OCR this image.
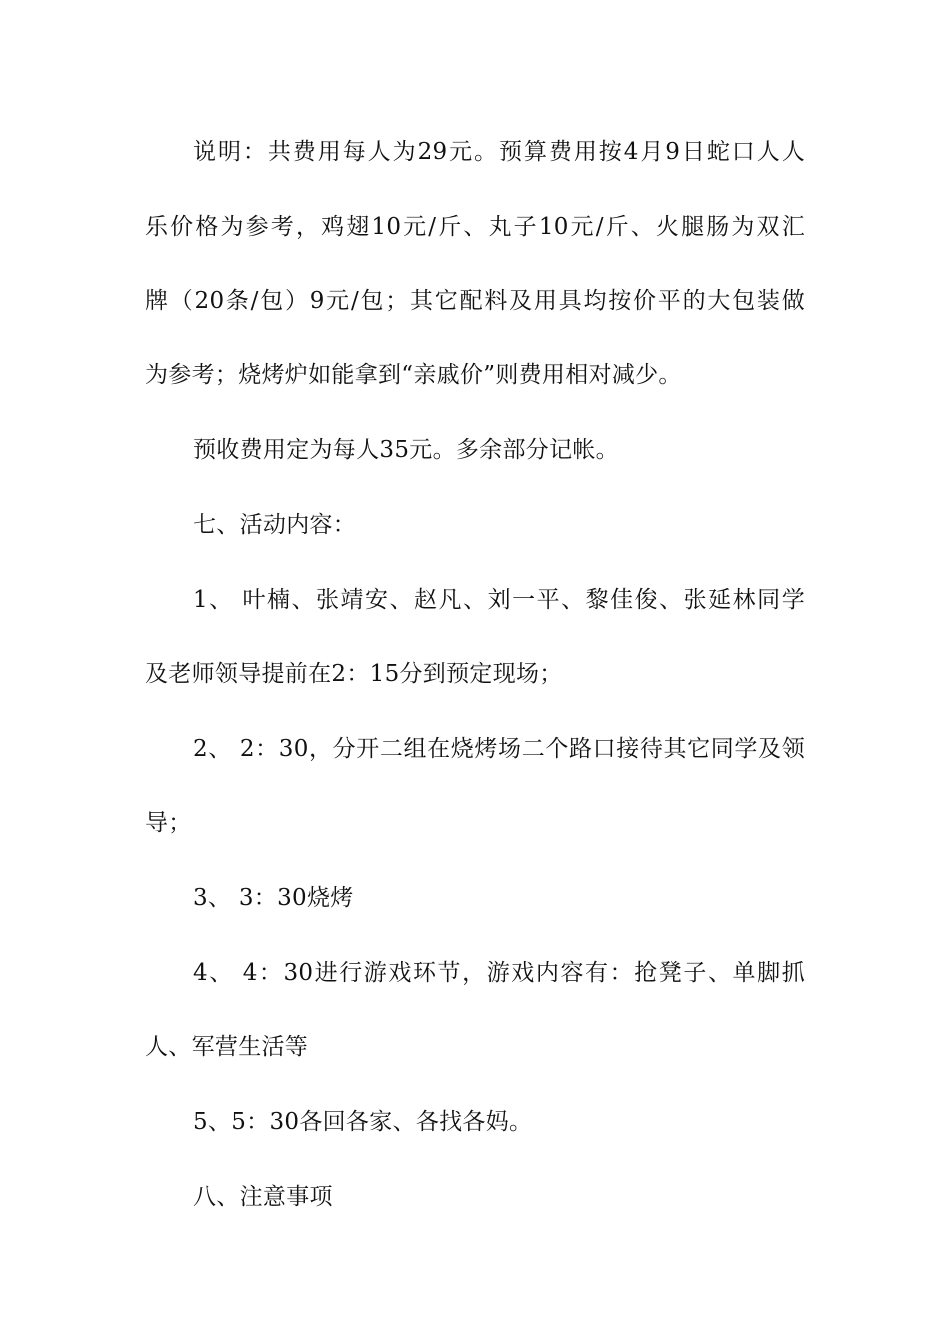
说明：共费用每人为29元。预算费用按4月9日蛇口人人
乐价格为参考，鸡翅10元/斤、丸子10元/斤、火腿肠为双汇
牌（20条/包）9元/包；其它配料及用具均按价平的大包装做
为参考；烧烤炉如能拿到“亲戚价”则费用相对减少。
预收费用定为每人35元。多余部分记帐。
七、活动内容：
1、 叶楠、张靖安、赵凡、刘一平、黎佳俊、张延林同学
及老师领导提前在2：15分到预定现场；
2、 2：30，分开二组在烧烤场二个路口接待其它同学及领
导；
3、 3：30烧烤
4、 4：30进行游戏环节，游戏内容有：抢凳子、单脚抓
人、军营生活等
5、5：30各回各家、各找各妈。
八、注意事项
